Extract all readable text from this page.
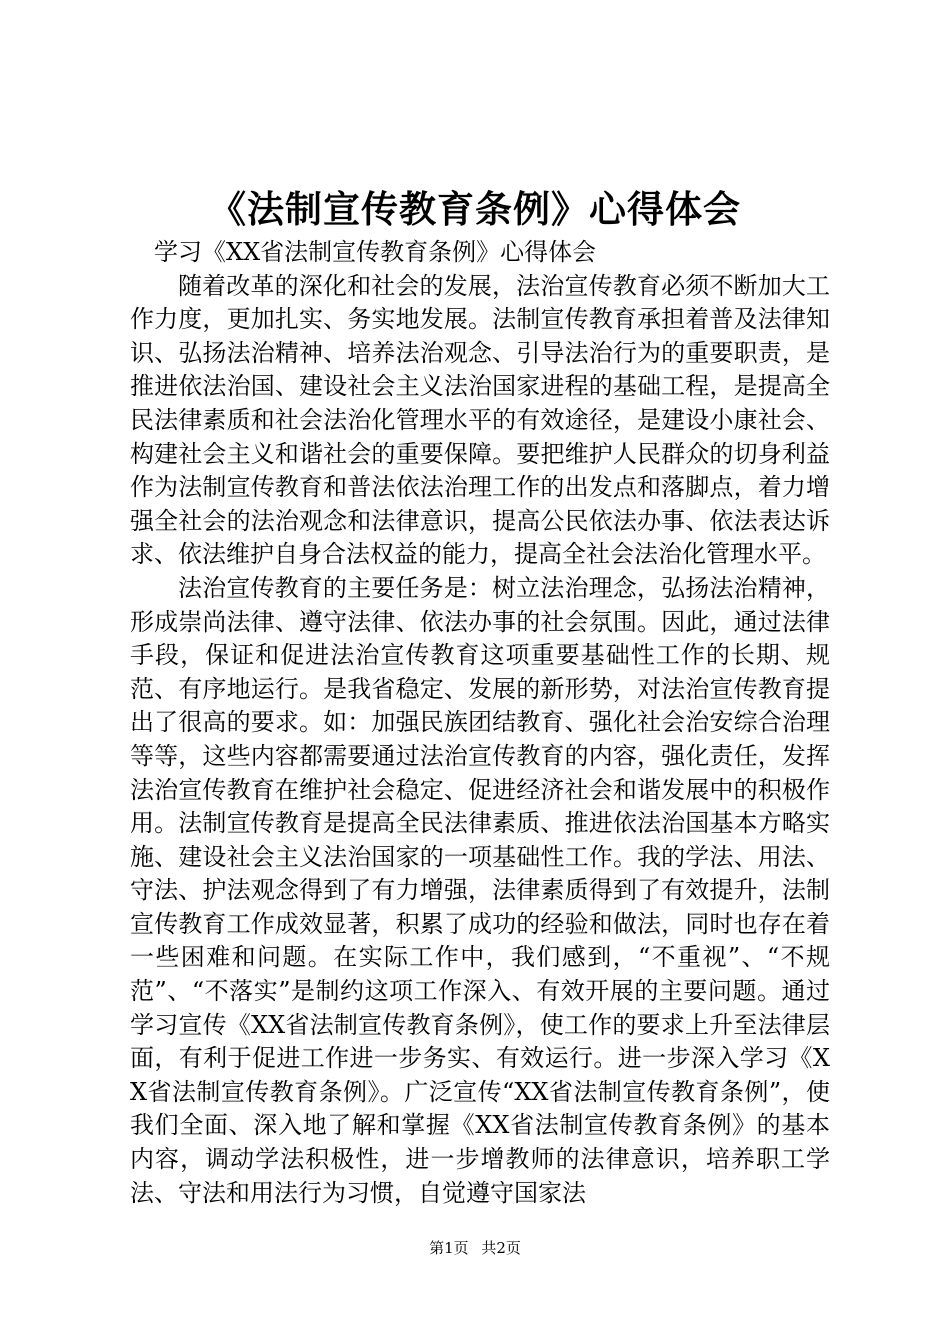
《法制宣传教育条例》心得体会

学习《XX省法制宣传教育条例》心得体会

随着改革的深化和社会的发展，法治宣传教育必须不断加大工作力度，更加扎实、务实地发展。法制宣传教育承担着普及法律知识、弘扬法治精神、培养法治观念、引导法治行为的重要职责，是推进依法治国、建设社会主义法治国家进程的基础工程，是提高全民法律素质和社会法治化管理水平的有效途径，是建设小康社会、构建社会主义和谐社会的重要保障。要把维护人民群众的切身利益作为法制宣传教育和普法依法治理工作的出发点和落脚点，着力增强全社会的法治观念和法律意识，提高公民依法办事、依法表达诉求、依法维护自身合法权益的能力，提高全社会法治化管理水平。

法治宣传教育的主要任务是：树立法治理念，弘扬法治精神，形成崇尚法律、遵守法律、依法办事的社会氛围。因此，通过法律手段，保证和促进法治宣传教育这项重要基础性工作的长期、规范、有序地运行。是我省稳定、发展的新形势，对法治宣传教育提出了很高的要求。如：加强民族团结教育、强化社会治安综合治理等等，这些内容都需要通过法治宣传教育的内容，强化责任，发挥法治宣传教育在维护社会稳定、促进经济社会和谐发展中的积极作用。法制宣传教育是提高全民法律素质、推进依法治国基本方略实施、建设社会主义法治国家的一项基础性工作。我的学法、用法、守法、护法观念得到了有力增强，法律素质得到了有效提升，法制宣传教育工作成效显著，积累了成功的经验和做法，同时也存在着一些困难和问题。在实际工作中，我们感到，“不重视”、“不规范”、“不落实”是制约这项工作深入、有效开展的主要问题。通过学习宣传《XX省法制宣传教育条例》，使工作的要求上升至法律层面，有利于促进工作进一步务实、有效运行。进一步深入学习《XX省法制宣传教育条例》。广泛宣传“XX省法制宣传教育条例”，使我们全面、深入地了解和掌握《XX省法制宣传教育条例》的基本内容，调动学法积极性，进一步增教师的法律意识，培养职工学法、守法和用法行为习惯，自觉遵守国家法

第1页 共2页
